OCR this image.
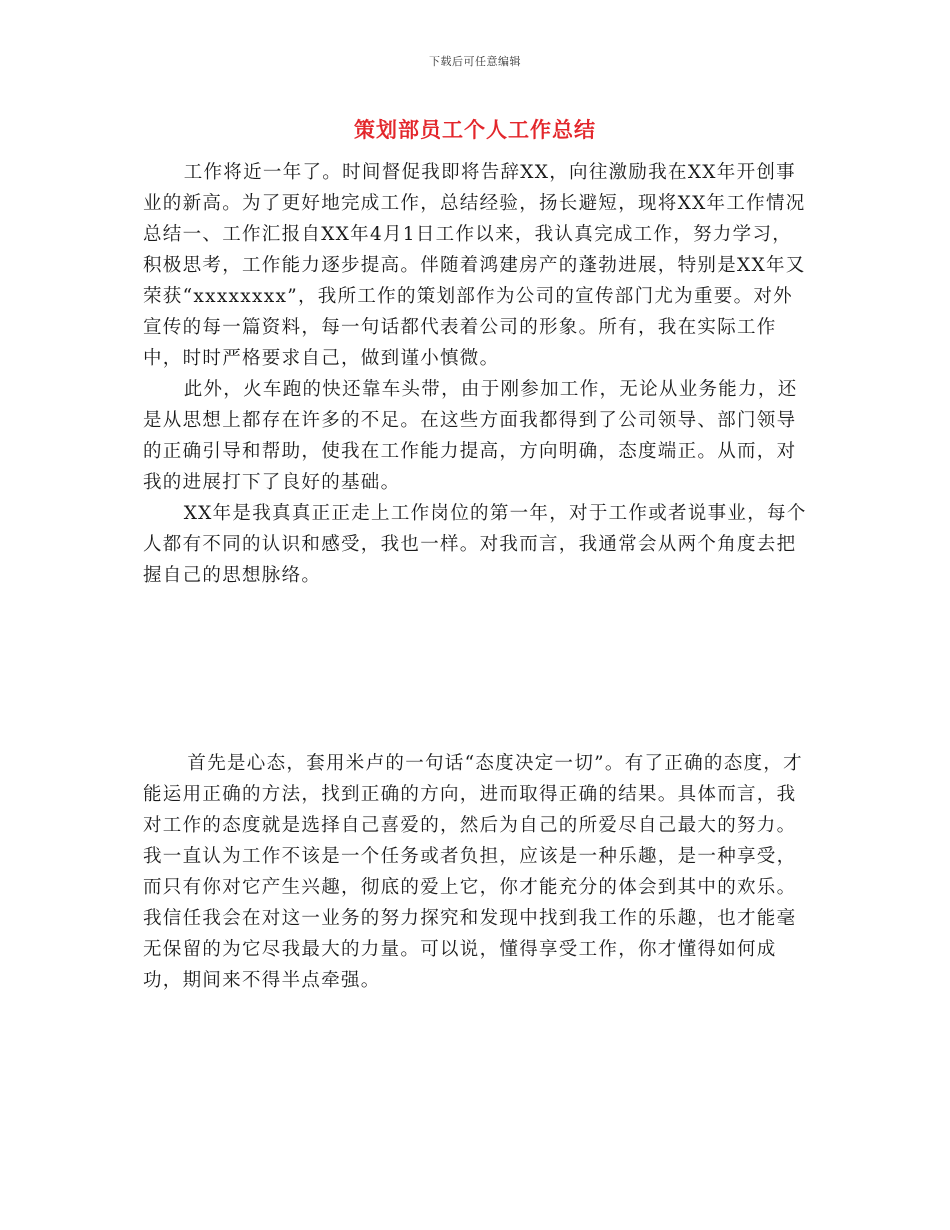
下载后可任意编辑
策划部员工个人工作总结

工作将近一年了。时间督促我即将告辞XX，向往激励我在XX年开创事业的新高。为了更好地完成工作，总结经验，扬长避短，现将XX年工作情况总结一、工作汇报自XX年4月1日工作以来，我认真完成工作，努力学习，积极思考，工作能力逐步提高。伴随着鸿建房产的蓬勃进展，特别是XX年又荣获“xxxxxxxx”，我所工作的策划部作为公司的宣传部门尤为重要。对外宣传的每一篇资料，每一句话都代表着公司的形象。所有，我在实际工作中，时时严格要求自己，做到谨小慎微。

此外，火车跑的快还靠车头带，由于刚参加工作，无论从业务能力，还是从思想上都存在许多的不足。在这些方面我都得到了公司领导、部门领导的正确引导和帮助，使我在工作能力提高，方向明确，态度端正。从而，对我的进展打下了良好的基础。

XX年是我真真正正走上工作岗位的第一年，对于工作或者说事业，每个人都有不同的认识和感受，我也一样。对我而言，我通常会从两个角度去把握自己的思想脉络。

首先是心态，套用米卢的一句话“态度决定一切”。有了正确的态度，才能运用正确的方法，找到正确的方向，进而取得正确的结果。具体而言，我对工作的态度就是选择自己喜爱的，然后为自己的所爱尽自己最大的努力。我一直认为工作不该是一个任务或者负担，应该是一种乐趣，是一种享受，而只有你对它产生兴趣，彻底的爱上它，你才能充分的体会到其中的欢乐。我信任我会在对这一业务的努力探究和发现中找到我工作的乐趣，也才能毫无保留的为它尽我最大的力量。可以说，懂得享受工作，你才懂得如何成功，期间来不得半点牵强。
